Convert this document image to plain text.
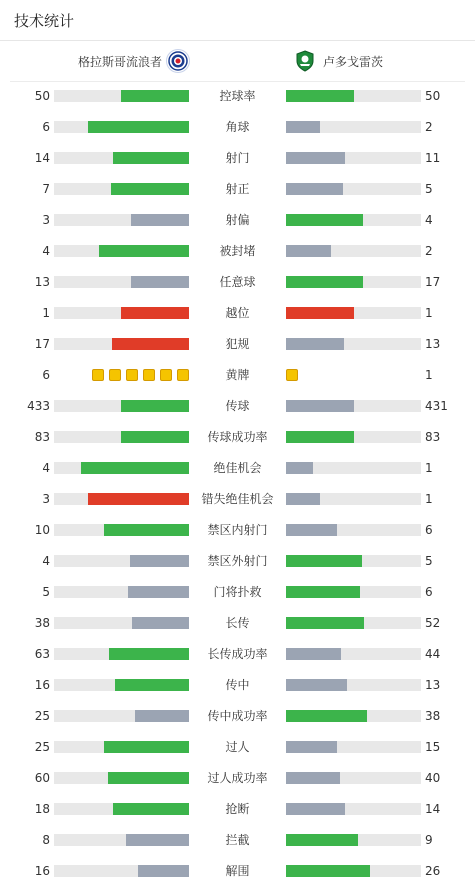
技术统计
格拉斯哥流浪者	卢多戈雷茨
50	控球率	50
6	角球	2
14	射门	11
7	射正	5
3	射偏	4
4	被封堵	2
13	任意球	17
1	越位	1
17	犯规	13
6	黄牌	1
433	传球	431
83	传球成功率	83
4	绝佳机会	1
3	错失绝佳机会	1
10	禁区内射门	6
4	禁区外射门	5
5	门将扑救	6
38	长传	52
63	长传成功率	44
16	传中	13
25	传中成功率	38
25	过人	15
60	过人成功率	40
18	抢断	14
8	拦截	9
16	解围	26
